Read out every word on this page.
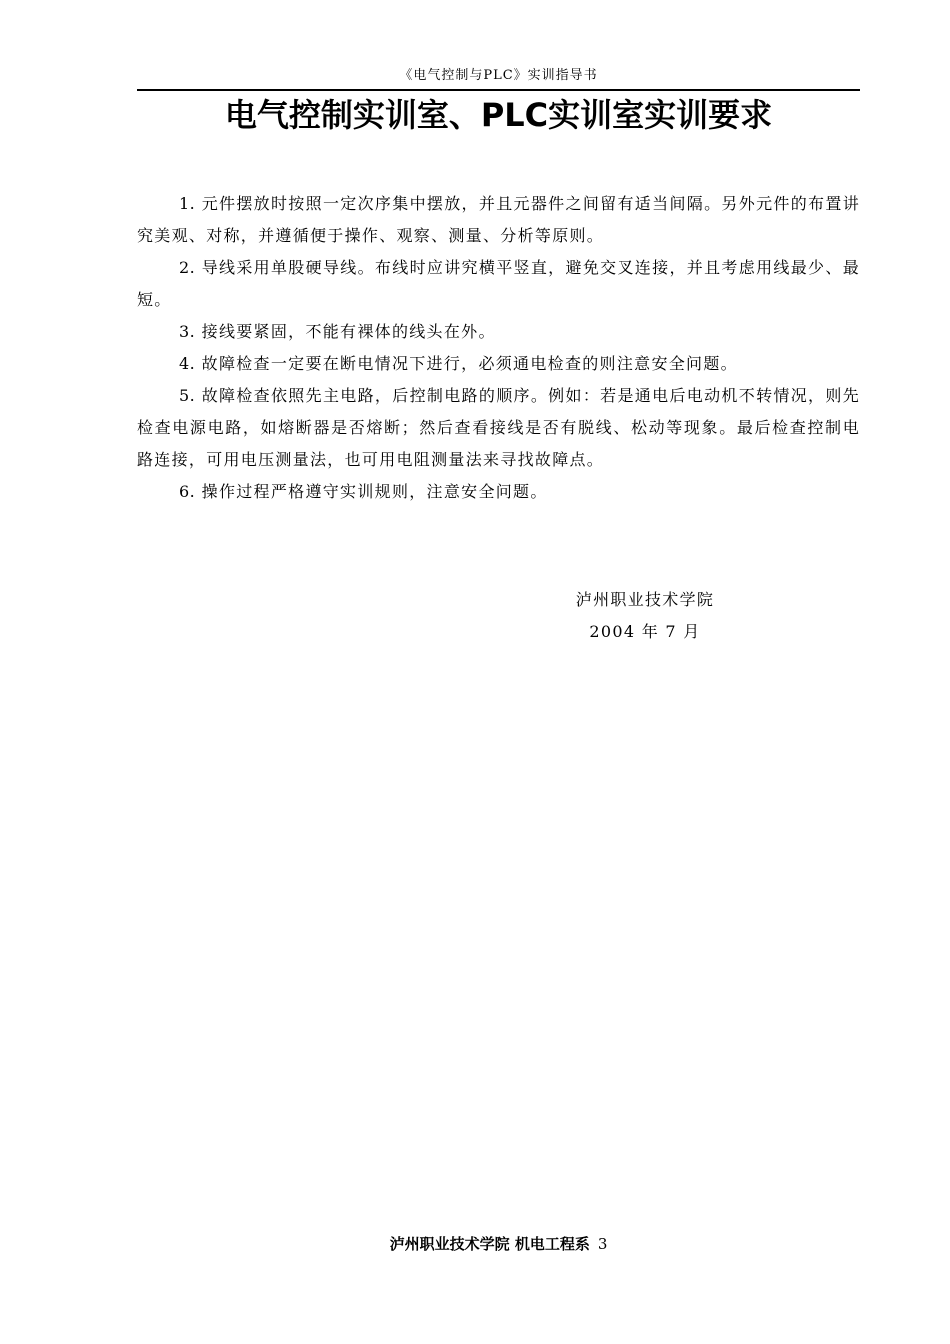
《电气控制与PLC》实训指导书
电气控制实训室、PLC实训室实训要求

1. 元件摆放时按照一定次序集中摆放，并且元器件之间留有适当间隔。另外元件的布置讲究美观、对称，并遵循便于操作、观察、测量、分析等原则。

2. 导线采用单股硬导线。布线时应讲究横平竖直，避免交叉连接，并且考虑用线最少、最短。

3. 接线要紧固，不能有裸体的线头在外。

4. 故障检查一定要在断电情况下进行，必须通电检查的则注意安全问题。

5. 故障检查依照先主电路，后控制电路的顺序。例如：若是通电后电动机不转情况，则先检查电源电路，如熔断器是否熔断；然后查看接线是否有脱线、松动等现象。最后检查控制电路连接，可用电压测量法，也可用电阻测量法来寻找故障点。

6. 操作过程严格遵守实训规则，注意安全问题。

泸州职业技术学院
2004 年 7 月
泸州职业技术学院 机电工程系 3
